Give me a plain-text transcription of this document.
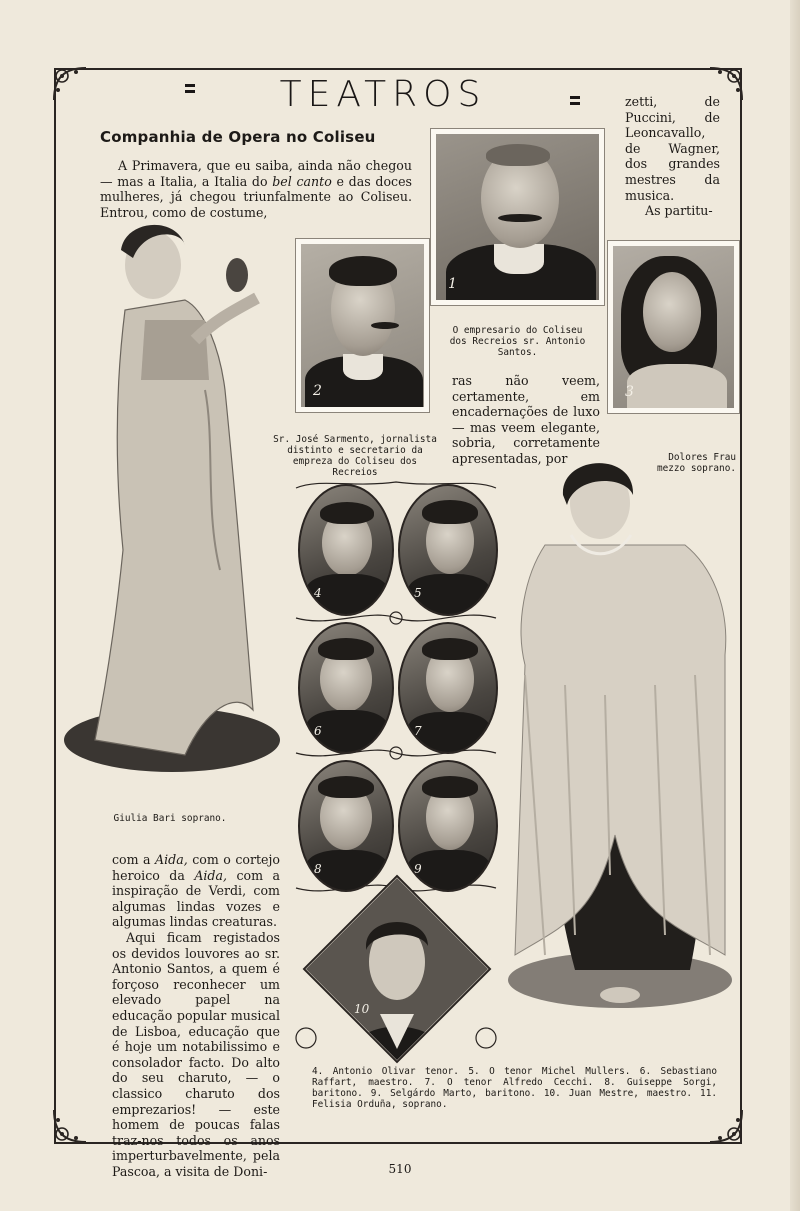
TEATROS
Companhia de Opera no Coliseu
A Primavera, que eu saiba, ainda não chegou — mas a Italia, a Italia do bel canto e das doces mulheres, já chegou triunfalmente ao Coliseu. Entrou, como de costume,

zetti, de Puccini, de Leoncavallo, de Wagner, dos grandes mestres da musica.

As partitu-

1
O empresario do Coliseu dos Recreios sr. Antonio Santos.
2
Sr. José Sarmento, jornalista distinto e secretario da empreza do Coliseu dos Recreios
3
ras não veem, certamente, em encadernações de luxo — mas veem elegante, sobria, corretamente apresentadas, por	Dolores Frau mezzo soprano.
Giulia Bari soprano.
4	5
6	7
8	9
10

com a Aida, com o cortejo heroico da Aida, com a inspiração de Verdi, com algumas lindas vozes e algumas lindas creaturas.

Aqui ficam registados os devidos louvores ao sr. Antonio Santos, a quem é forçoso reconhecer um elevado papel na educação popular musical de Lisboa, educação que é hoje um notabilissimo e consolador facto. Do alto do seu charuto, — o classico charuto dos emprezarios! — este homem de poucas falas traz-nos todos os anos imperturbavelmente, pela Pascoa, a visita de Doni-

4. Antonio Olivar tenor. 5. O tenor Michel Mullers. 6. Sebastiano Raffart, maestro. 7. O tenor Alfredo Cecchi. 8. Guiseppe Sorgi, baritono. 9. Selgárdo Marto, baritono. 10. Juan Mestre, maestro. 11. Felisia Orduña, soprano.
510
